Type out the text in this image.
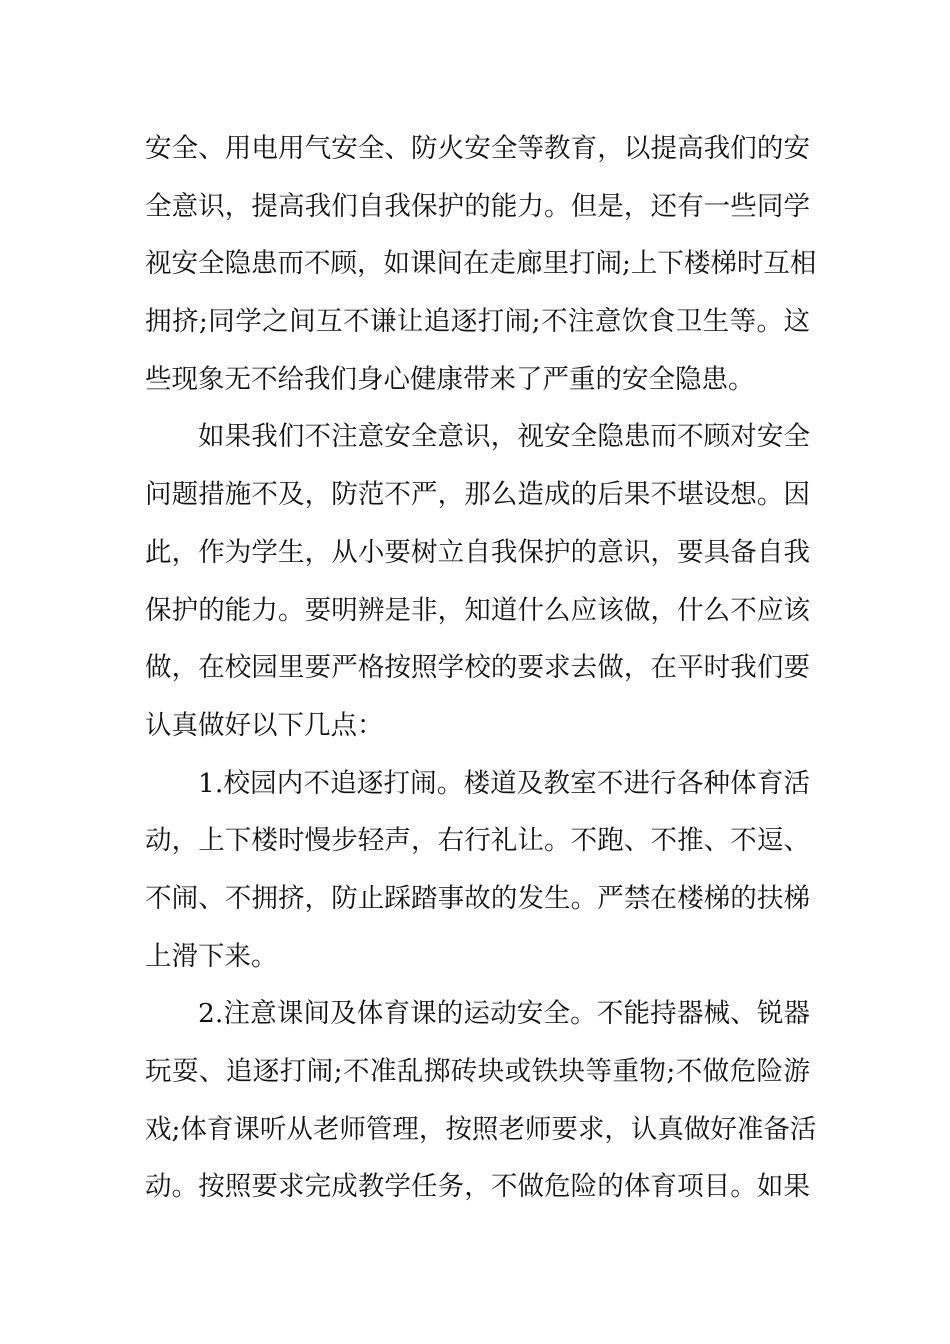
安全、用电用气安全、防火安全等教育，以提高我们的安
全意识，提高我们自我保护的能力。但是，还有一些同学
视安全隐患而不顾，如课间在走廊里打闹;上下楼梯时互相
拥挤;同学之间互不谦让追逐打闹;不注意饮食卫生等。这
些现象无不给我们身心健康带来了严重的安全隐患。
如果我们不注意安全意识，视安全隐患而不顾对安全
问题措施不及，防范不严，那么造成的后果不堪设想。因
此，作为学生，从小要树立自我保护的意识，要具备自我
保护的能力。要明辨是非，知道什么应该做，什么不应该
做，在校园里要严格按照学校的要求去做，在平时我们要
认真做好以下几点：
1.校园内不追逐打闹。楼道及教室不进行各种体育活
动，上下楼时慢步轻声，右行礼让。不跑、不推、不逗、
不闹、不拥挤，防止踩踏事故的发生。严禁在楼梯的扶梯
上滑下来。
2.注意课间及体育课的运动安全。不能持器械、锐器
玩耍、追逐打闹;不准乱掷砖块或铁块等重物;不做危险游
戏;体育课听从老师管理，按照老师要求，认真做好准备活
动。按照要求完成教学任务，不做危险的体育项目。如果
